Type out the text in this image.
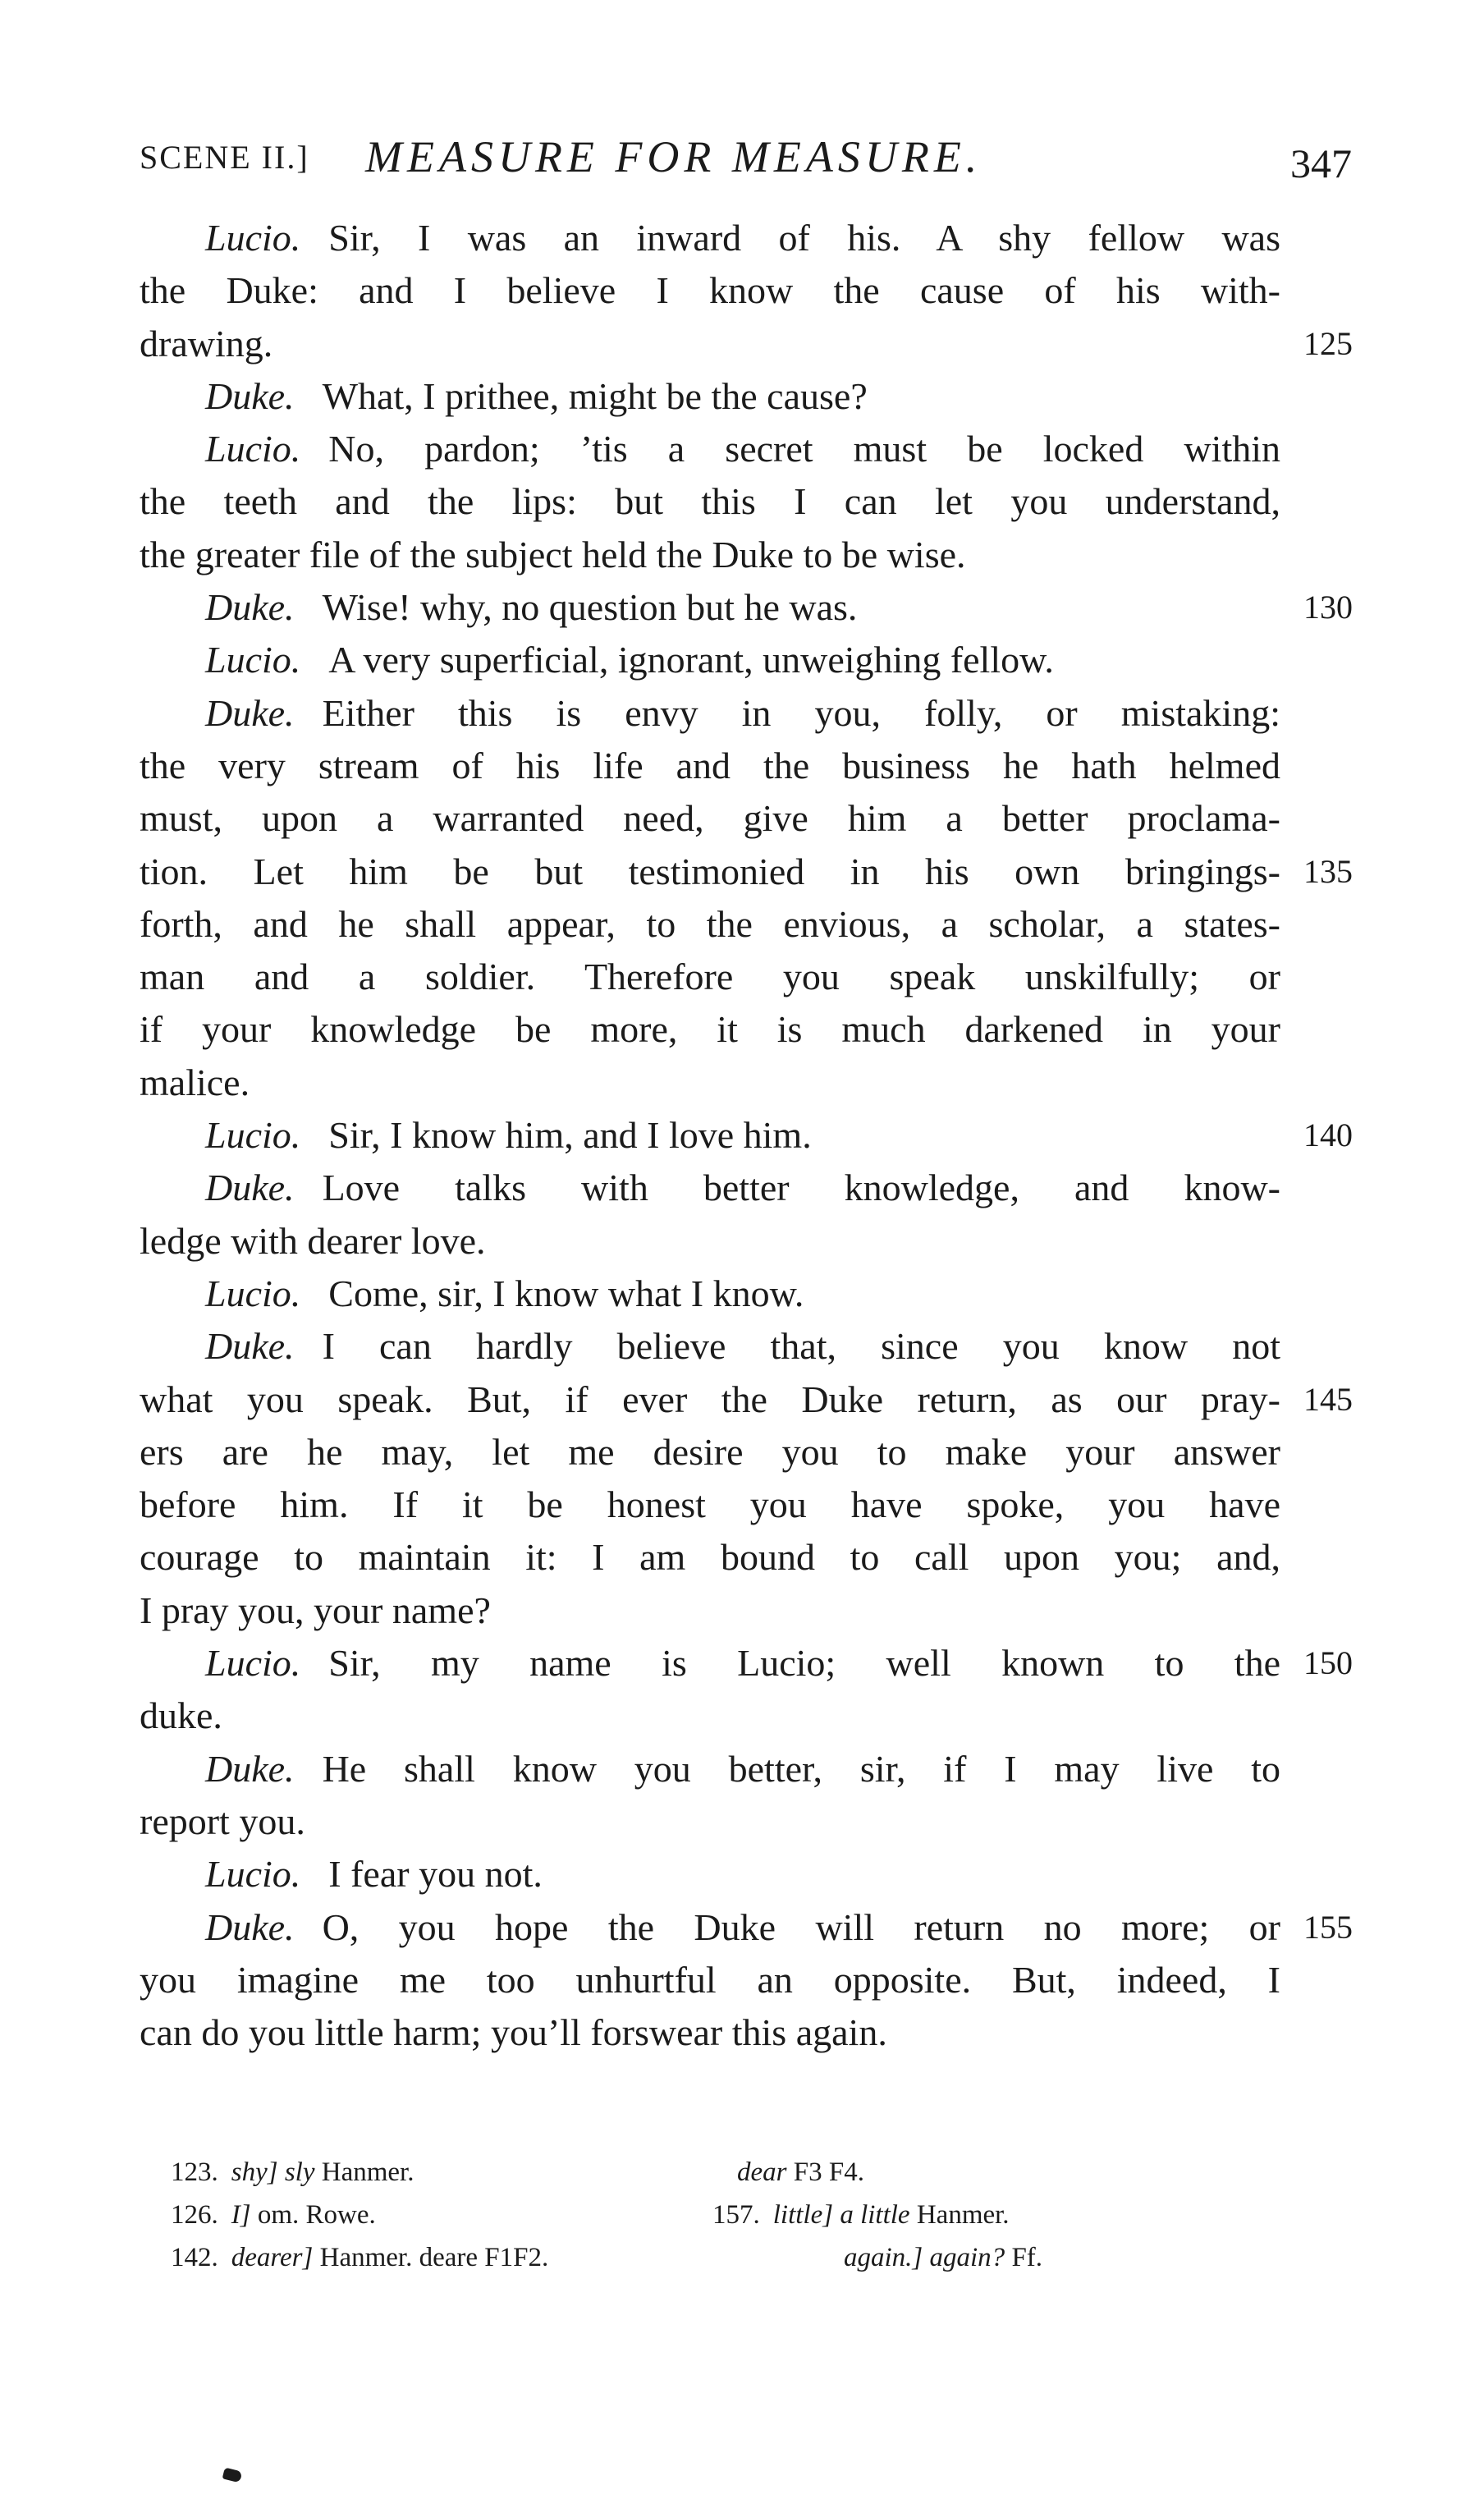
SCENE II.] MEASURE FOR MEASURE.	347
Lucio. Sir, I was an inward of his. A shy fellow was
the Duke: and I believe I know the cause of his with-
drawing.	125
Duke. What, I prithee, might be the cause?
Lucio. No, pardon; ’tis a secret must be locked within
the teeth and the lips: but this I can let you understand,
the greater file of the subject held the Duke to be wise.
Duke. Wise! why, no question but he was.	130
Lucio. A very superficial, ignorant, unweighing fellow.
Duke. Either this is envy in you, folly, or mistaking:
the very stream of his life and the business he hath helmed
must, upon a warranted need, give him a better proclama-
tion. Let him be but testimonied in his own bringings- 135
forth, and he shall appear, to the envious, a scholar, a states-
man and a soldier. Therefore you speak unskilfully; or
if your knowledge be more, it is much darkened in your
malice.
Lucio. Sir, I know him, and I love him.	140
Duke. Love talks with better knowledge, and know-
ledge with dearer love.
Lucio. Come, sir, I know what I know.
Duke. I can hardly believe that, since you know not
what you speak. But, if ever the Duke return, as our pray- 145
ers are he may, let me desire you to make your answer
before him. If it be honest you have spoke, you have
courage to maintain it: I am bound to call upon you; and,
I pray you, your name?
Lucio. Sir, my name is Lucio; well known to the 150
duke.
Duke. He shall know you better, sir, if I may live to
report you.
Lucio. I fear you not.
Duke. O, you hope the Duke will return no more; or 155
you imagine me too unhurtful an opposite. But, indeed, I
can do you little harm; you’ll forswear this again.
123. shy] sly Hanmer.	dear F3 F4.
126. I] om. Rowe.	157. little] a little Hanmer.
142. dearer] Hanmer. deare F1F2.	again.] again? Ff.
